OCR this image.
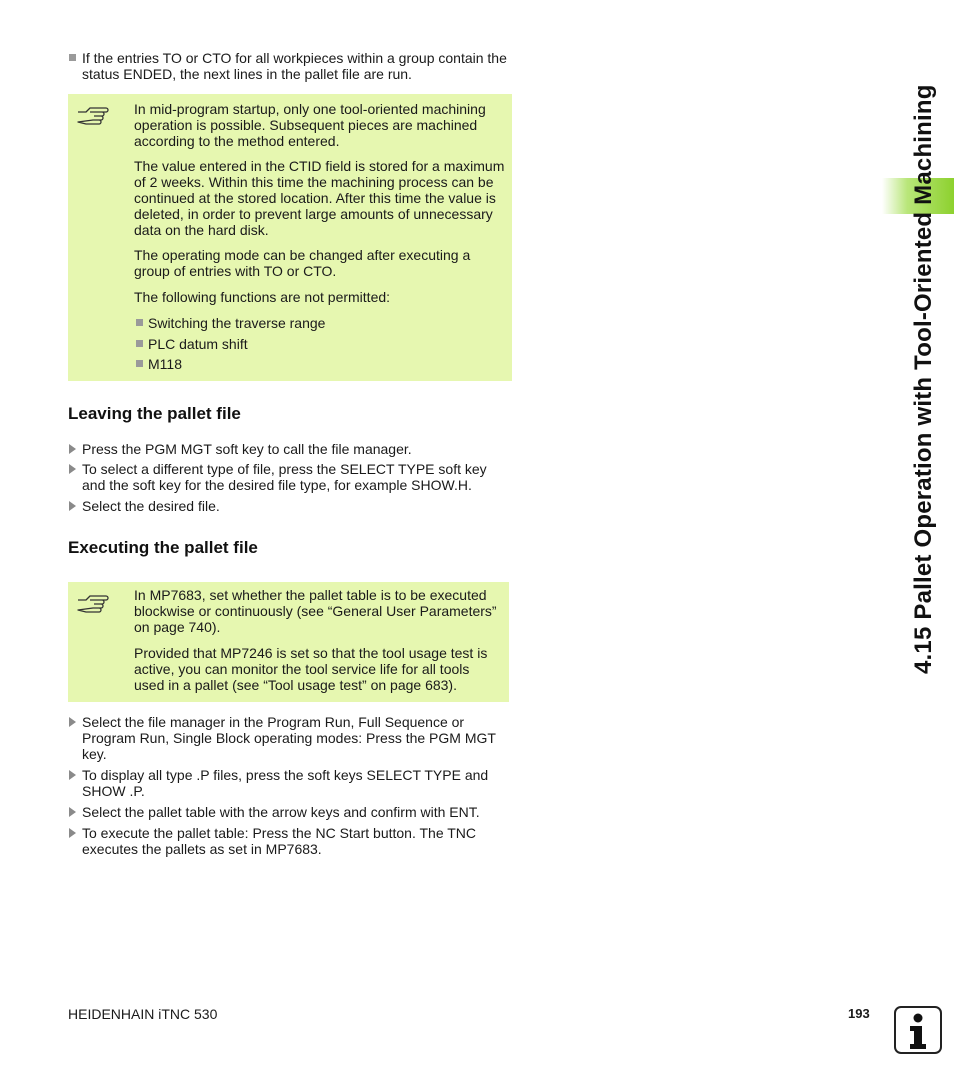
If the entries TO or CTO for all workpieces within a group contain the status ENDED, the next lines in the pallet file are run.

In mid-program startup, only one tool-oriented machining operation is possible. Subsequent pieces are machined according to the method entered.

The value entered in the CTID field is stored for a maximum of 2 weeks. Within this time the machining process can be continued at the stored location. After this time the value is deleted, in order to prevent large amounts of unnecessary data on the hard disk.

The operating mode can be changed after executing a group of entries with TO or CTO.

The following functions are not permitted:

Switching the traverse range
PLC datum shift
M118
Leaving the pallet file
Press the PGM MGT soft key to call the file manager.
To select a different type of file, press the SELECT TYPE soft key and the soft key for the desired file type, for example SHOW.H.
Select the desired file.
Executing the pallet file

In MP7683, set whether the pallet table is to be executed blockwise or continuously (see “General User Parameters” on page 740).

Provided that MP7246 is set so that the tool usage test is active, you can monitor the tool service life for all tools used in a pallet (see “Tool usage test” on page 683).

Select the file manager in the Program Run, Full Sequence or Program Run, Single Block operating modes: Press the PGM MGT key.
To display all type .P files, press the soft keys SELECT TYPE and SHOW .P.
Select the pallet table with the arrow keys and confirm with ENT.
To execute the pallet table: Press the NC Start button. The TNC executes the pallets as set in MP7683.
4.15 Pallet Operation with Tool-Oriented Machining
HEIDENHAIN iTNC 530	193
